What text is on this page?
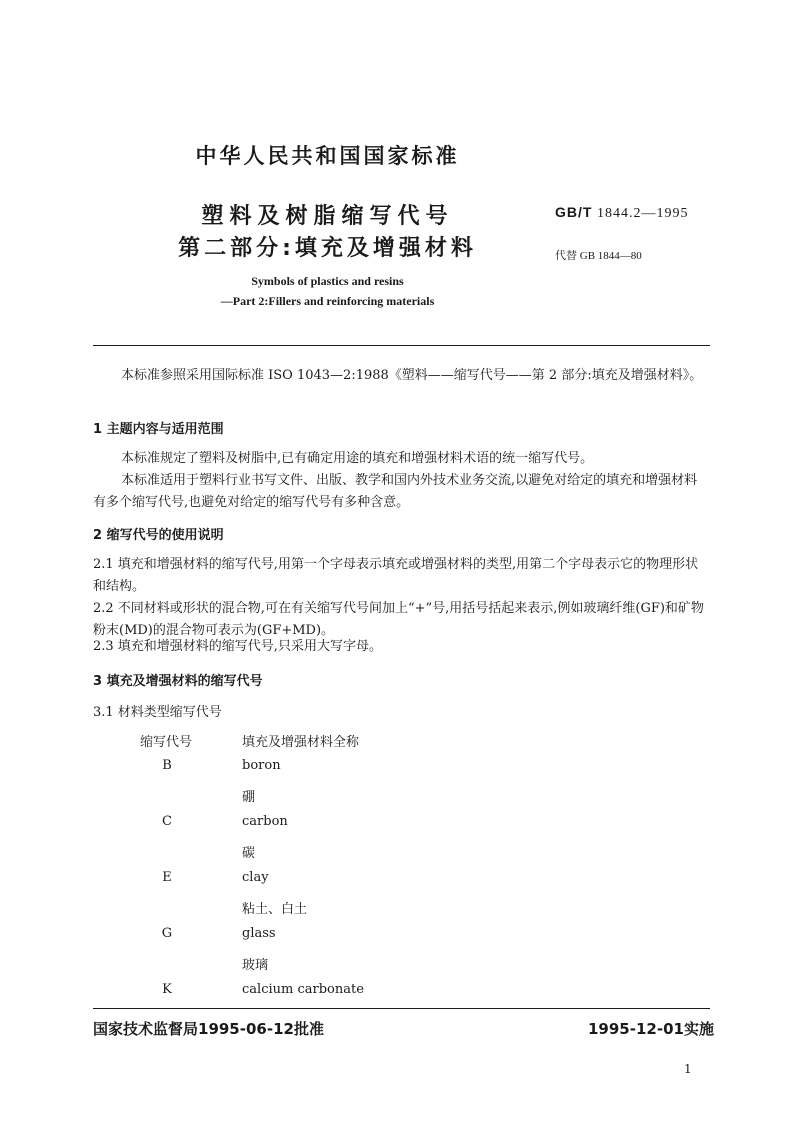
中华人民共和国国家标准
塑料及树脂缩写代号
第二部分:填充及增强材料
Symbols of plastics and resins
—Part 2:Fillers and reinforcing materials
GB/T 1844.2—1995
代替 GB 1844—80
本标准参照采用国际标准 ISO 1043—2:1988《塑料——缩写代号——第 2 部分:填充及增强材料》。
1 主题内容与适用范围
本标准规定了塑料及树脂中,已有确定用途的填充和增强材料术语的统一缩写代号。
本标准适用于塑料行业书写文件、出版、教学和国内外技术业务交流,以避免对给定的填充和增强材料有多个缩写代号,也避免对给定的缩写代号有多种含意。
2 缩写代号的使用说明
2.1 填充和增强材料的缩写代号,用第一个字母表示填充或增强材料的类型,用第二个字母表示它的物理形状和结构。
2.2 不同材料或形状的混合物,可在有关缩写代号间加上“+”号,用括号括起来表示,例如玻璃纤维(GF)和矿物粉末(MD)的混合物可表示为(GF+MD)。
2.3 填充和增强材料的缩写代号,只采用大写字母。
3 填充及增强材料的缩写代号
3.1 材料类型缩写代号
缩写代号	填充及增强材料全称
B	boron
硼
C	carbon
碳
E	clay
粘土、白土
G	glass
玻璃
K	calcium carbonate
国家技术监督局1995-06-12批准	1995-12-01实施
1
